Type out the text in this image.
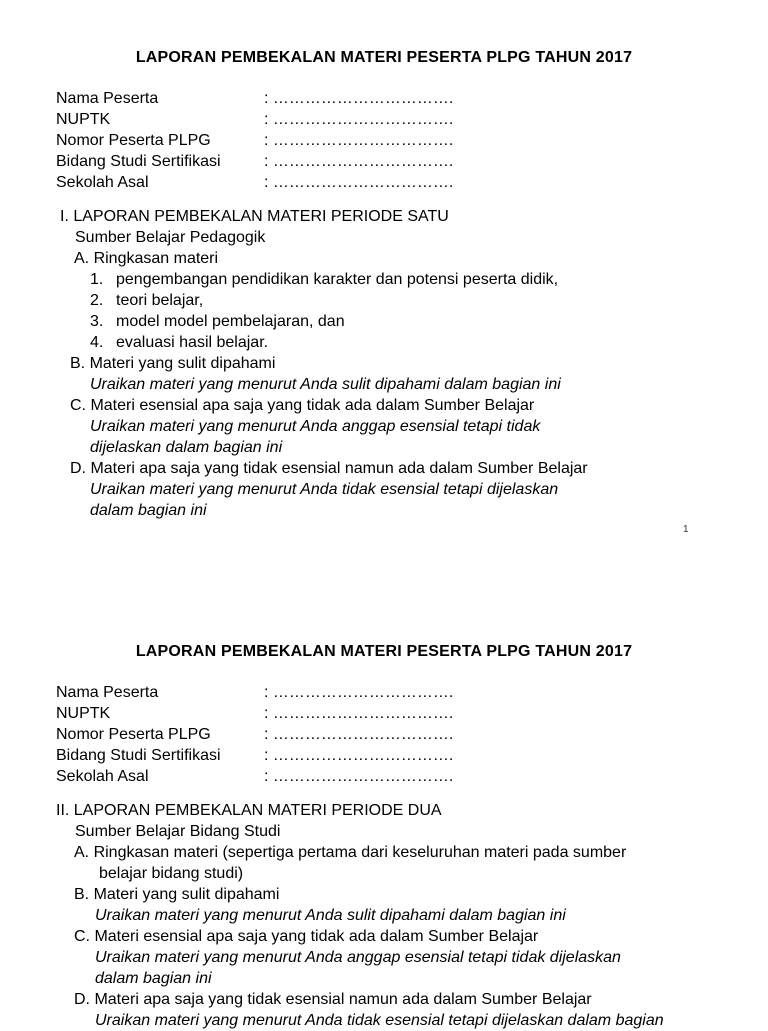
LAPORAN PEMBEKALAN MATERI PESERTA PLPG TAHUN 2017
Nama Peserta	: …………………………….
NUPTK	: …………………………….
Nomor Peserta PLPG	: …………………………….
Bidang Studi Sertifikasi	: …………………………….
Sekolah Asal	: …………………………….
I. LAPORAN PEMBEKALAN MATERI PERIODE SATU
Sumber Belajar Pedagogik
A. Ringkasan materi
1. pengembangan pendidikan karakter dan potensi peserta didik,
2. teori belajar,
3. model model pembelajaran, dan
4. evaluasi hasil belajar.
B. Materi yang sulit dipahami
Uraikan materi yang menurut Anda sulit dipahami dalam bagian ini
C. Materi esensial apa saja yang tidak ada dalam Sumber Belajar
Uraikan materi yang menurut Anda anggap esensial tetapi tidak
dijelaskan dalam bagian ini
D. Materi apa saja yang tidak esensial namun ada dalam Sumber Belajar
Uraikan materi yang menurut Anda tidak esensial tetapi dijelaskan
dalam bagian ini
1
LAPORAN PEMBEKALAN MATERI PESERTA PLPG TAHUN 2017
Nama Peserta	: …………………………….
NUPTK	: …………………………….
Nomor Peserta PLPG	: …………………………….
Bidang Studi Sertifikasi	: …………………………….
Sekolah Asal	: …………………………….
II. LAPORAN PEMBEKALAN MATERI PERIODE DUA
Sumber Belajar Bidang Studi
A. Ringkasan materi (sepertiga pertama dari keseluruhan materi pada sumber
belajar bidang studi)
B. Materi yang sulit dipahami
Uraikan materi yang menurut Anda sulit dipahami dalam bagian ini
C. Materi esensial apa saja yang tidak ada dalam Sumber Belajar
Uraikan materi yang menurut Anda anggap esensial tetapi tidak dijelaskan
dalam bagian ini
D. Materi apa saja yang tidak esensial namun ada dalam Sumber Belajar
Uraikan materi yang menurut Anda tidak esensial tetapi dijelaskan dalam bagian
